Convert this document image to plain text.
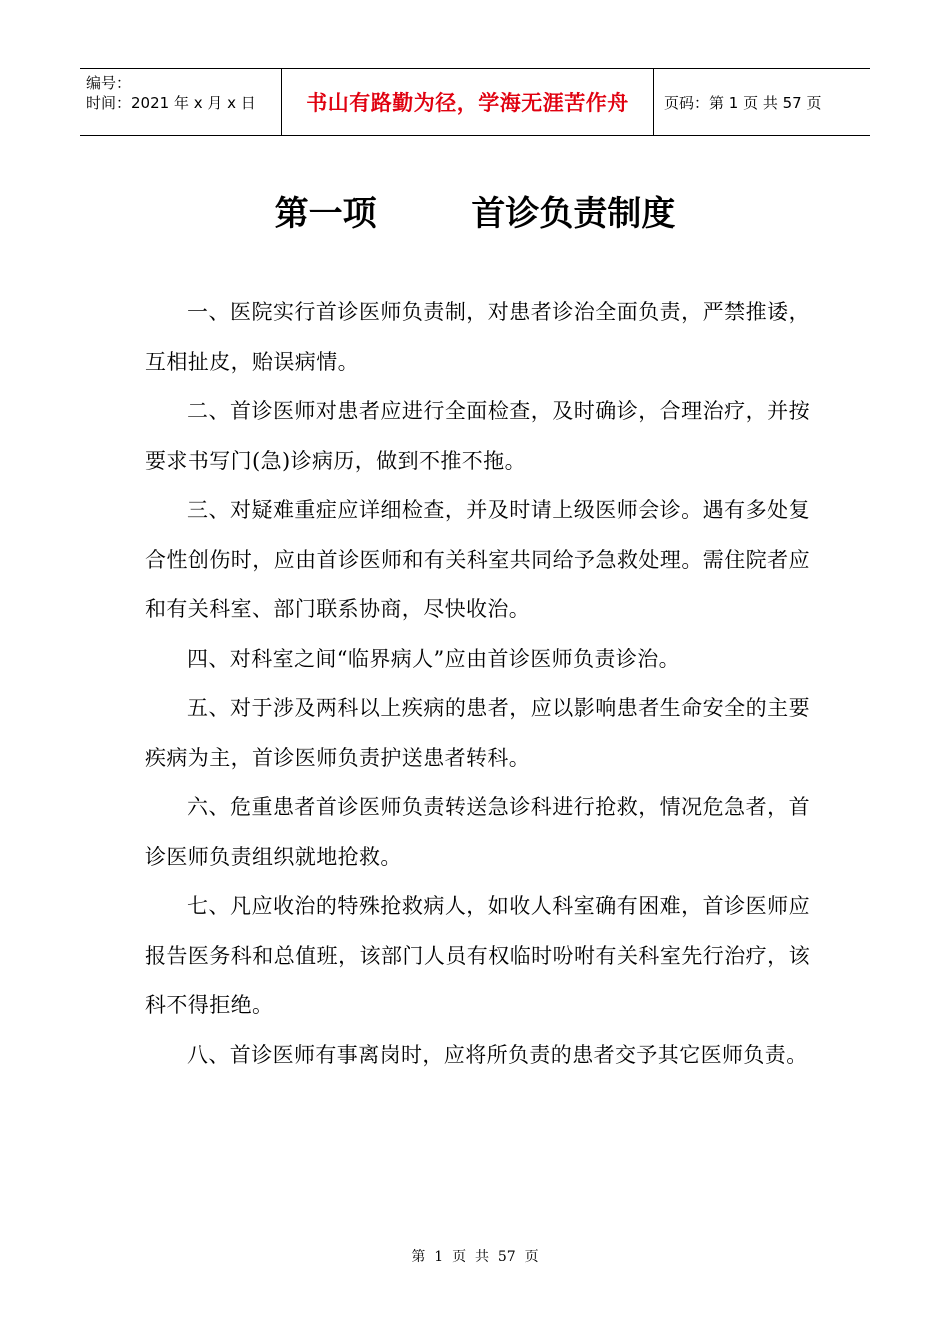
编号：
时间：2021 年 x 月 x 日	书山有路勤为径，学海无涯苦作舟 页码：第 1 页 共 57 页
第一项        首诊负责制度

一、医院实行首诊医师负责制，对患者诊治全面负责，严禁推诿，互相扯皮，贻误病情。

二、首诊医师对患者应进行全面检查，及时确诊，合理治疗，并按要求书写门(急)诊病历，做到不推不拖。

三、对疑难重症应详细检查，并及时请上级医师会诊。遇有多处复合性创伤时，应由首诊医师和有关科室共同给予急救处理。需住院者应和有关科室、部门联系协商，尽快收治。

四、对科室之间“临界病人”应由首诊医师负责诊治。

五、对于涉及两科以上疾病的患者，应以影响患者生命安全的主要疾病为主，首诊医师负责护送患者转科。

六、危重患者首诊医师负责转送急诊科进行抢救，情况危急者，首诊医师负责组织就地抢救。

七、凡应收治的特殊抢救病人，如收人科室确有困难，首诊医师应报告医务科和总值班，该部门人员有权临时吩咐有关科室先行治疗，该科不得拒绝。

八、首诊医师有事离岗时，应将所负责的患者交予其它医师负责。

第  1  页  共  57  页
